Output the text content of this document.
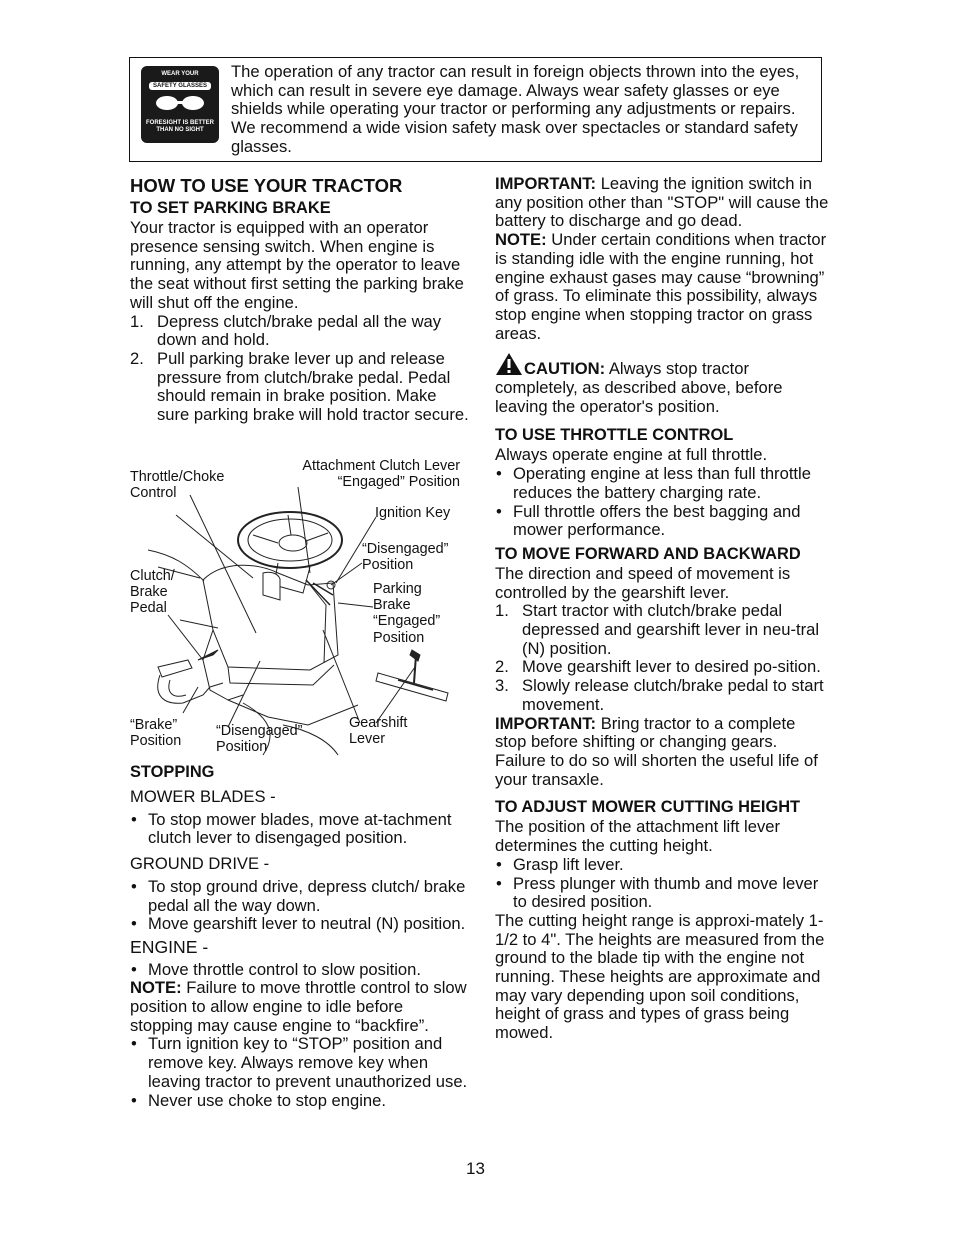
WEAR YOUR
SAFETY GLASSES
FORESIGHT IS BETTER
THAN NO SIGHT
The operation of any tractor can result in foreign objects thrown into the eyes, which can result in severe eye damage. Always wear safety glasses or eye shields while operating your tractor or performing any adjustments or repairs. We recommend a wide vision safety mask over spectacles or standard safety glasses.
HOW TO USE YOUR TRACTOR
TO SET PARKING BRAKE

Your tractor is equipped with an operator presence sensing switch. When engine is running, any attempt by the operator to leave the seat without first setting the parking brake will shut off the engine.

1. Depress clutch/brake pedal all the way down and hold.
2. Pull parking brake lever up and release pressure from clutch/brake pedal. Pedal should remain in brake position. Make sure parking brake will hold tractor secure.
Throttle/Choke
Control
Attachment Clutch Lever
“Engaged” Position
Ignition Key
“Disengaged”
Position
Clutch/
Brake
Pedal
Parking
Brake
“Engaged”
Position
“Brake”
Position
“Disengaged”
Position
Gearshift
Lever
STOPPING

MOWER BLADES -

• To stop mower blades, move at-tachment clutch lever to disengaged position.

GROUND DRIVE -

• To stop ground drive, depress clutch/ brake pedal all the way down.
• Move gearshift lever to neutral (N) position.

ENGINE -

• Move throttle control to slow position.

NOTE: Failure to move throttle control to slow position to allow engine to idle before stopping may cause engine to “backfire”.

• Turn ignition key to “STOP” position and remove key. Always remove key when leaving tractor to prevent unauthorized use.
• Never use choke to stop engine.

IMPORTANT: Leaving the ignition switch in any position other than "STOP" will cause the battery to discharge and go dead.

NOTE: Under certain conditions when tractor is standing idle with the engine running, hot engine exhaust gases may cause “browning” of grass. To eliminate this possibility, always stop engine when stopping tractor on grass areas.

CAUTION: Always stop tractor completely, as described above, before leaving the operator's position.

TO USE THROTTLE CONTROL

Always operate engine at full throttle.

• Operating engine at less than full throttle reduces the battery charging rate.
• Full throttle offers the best bagging and mower performance.
TO MOVE FORWARD AND BACKWARD

The direction and speed of movement is controlled by the gearshift lever.

1. Start tractor with clutch/brake pedal depressed and gearshift lever in neu-tral (N) position.
2. Move gearshift lever to desired po-sition.
3. Slowly release clutch/brake pedal to start movement.

IMPORTANT: Bring tractor to a complete stop before shifting or changing gears. Failure to do so will shorten the useful life of your transaxle.

TO ADJUST MOWER CUTTING HEIGHT

The position of the attachment lift lever determines the cutting height.

• Grasp lift lever.
• Press plunger with thumb and move lever to desired position.

The cutting height range is approxi-mately 1-1/2 to 4". The heights are measured from the ground to the blade tip with the engine not running. These heights are approximate and may vary depending upon soil conditions, height of grass and types of grass being mowed.

13
